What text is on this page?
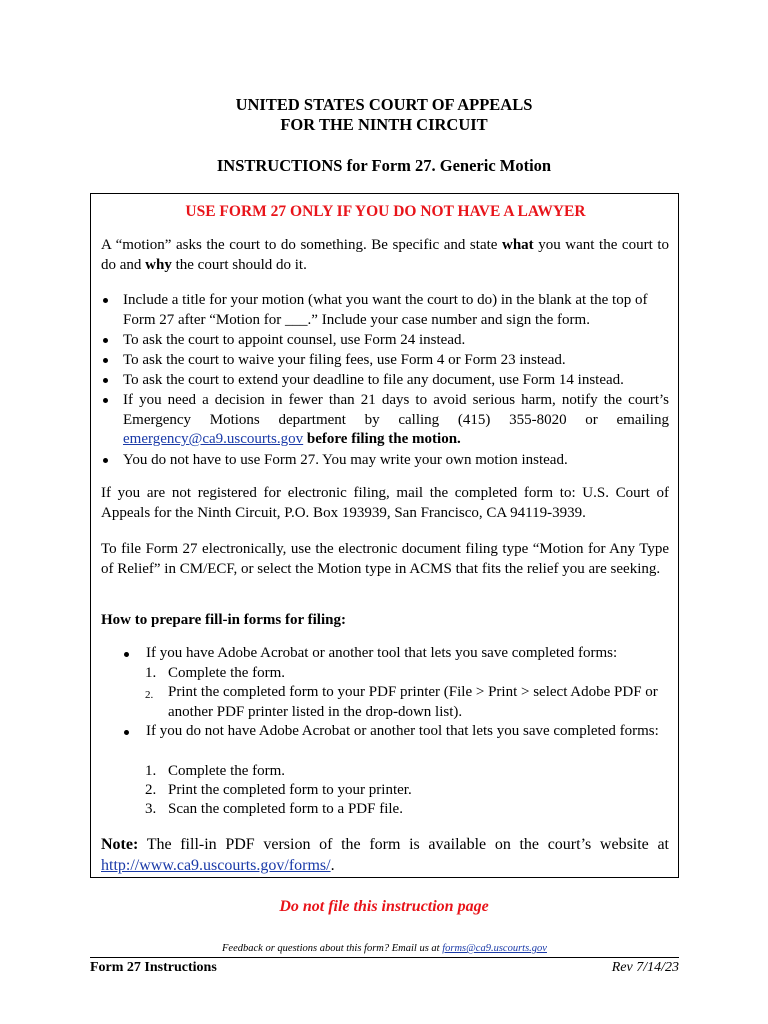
UNITED STATES COURT OF APPEALS
FOR THE NINTH CIRCUIT
INSTRUCTIONS for Form 27. Generic Motion
USE FORM 27 ONLY IF YOU DO NOT HAVE A LAWYER
A “motion” asks the court to do something. Be specific and state what you want the court to do and why the court should do it.
Include a title for your motion (what you want the court to do) in the blank at the top of Form 27 after “Motion for ___.” Include your case number and sign the form.
To ask the court to appoint counsel, use Form 24 instead.
To ask the court to waive your filing fees, use Form 4 or Form 23 instead.
To ask the court to extend your deadline to file any document, use Form 14 instead.
If you need a decision in fewer than 21 days to avoid serious harm, notify the court’s Emergency Motions department by calling (415) 355-8020 or emailing emergency@ca9.uscourts.gov before filing the motion.
You do not have to use Form 27. You may write your own motion instead.
If you are not registered for electronic filing, mail the completed form to: U.S. Court of Appeals for the Ninth Circuit, P.O. Box 193939, San Francisco, CA 94119-3939.
To file Form 27 electronically, use the electronic document filing type “Motion for Any Type of Relief” in CM/ECF, or select the Motion type in ACMS that fits the relief you are seeking.
How to prepare fill-in forms for filing:
If you have Adobe Acrobat or another tool that lets you save completed forms:
1. Complete the form.
2. Print the completed form to your PDF printer (File > Print > select Adobe PDF or another PDF printer listed in the drop-down list).
If you do not have Adobe Acrobat or another tool that lets you save completed forms:
1. Complete the form.
2. Print the completed form to your printer.
3. Scan the completed form to a PDF file.
Note: The fill-in PDF version of the form is available on the court’s website at http://www.ca9.uscourts.gov/forms/.
Do not file this instruction page
Feedback or questions about this form? Email us at forms@ca9.uscourts.gov
Form 27 Instructions	Rev 7/14/23
